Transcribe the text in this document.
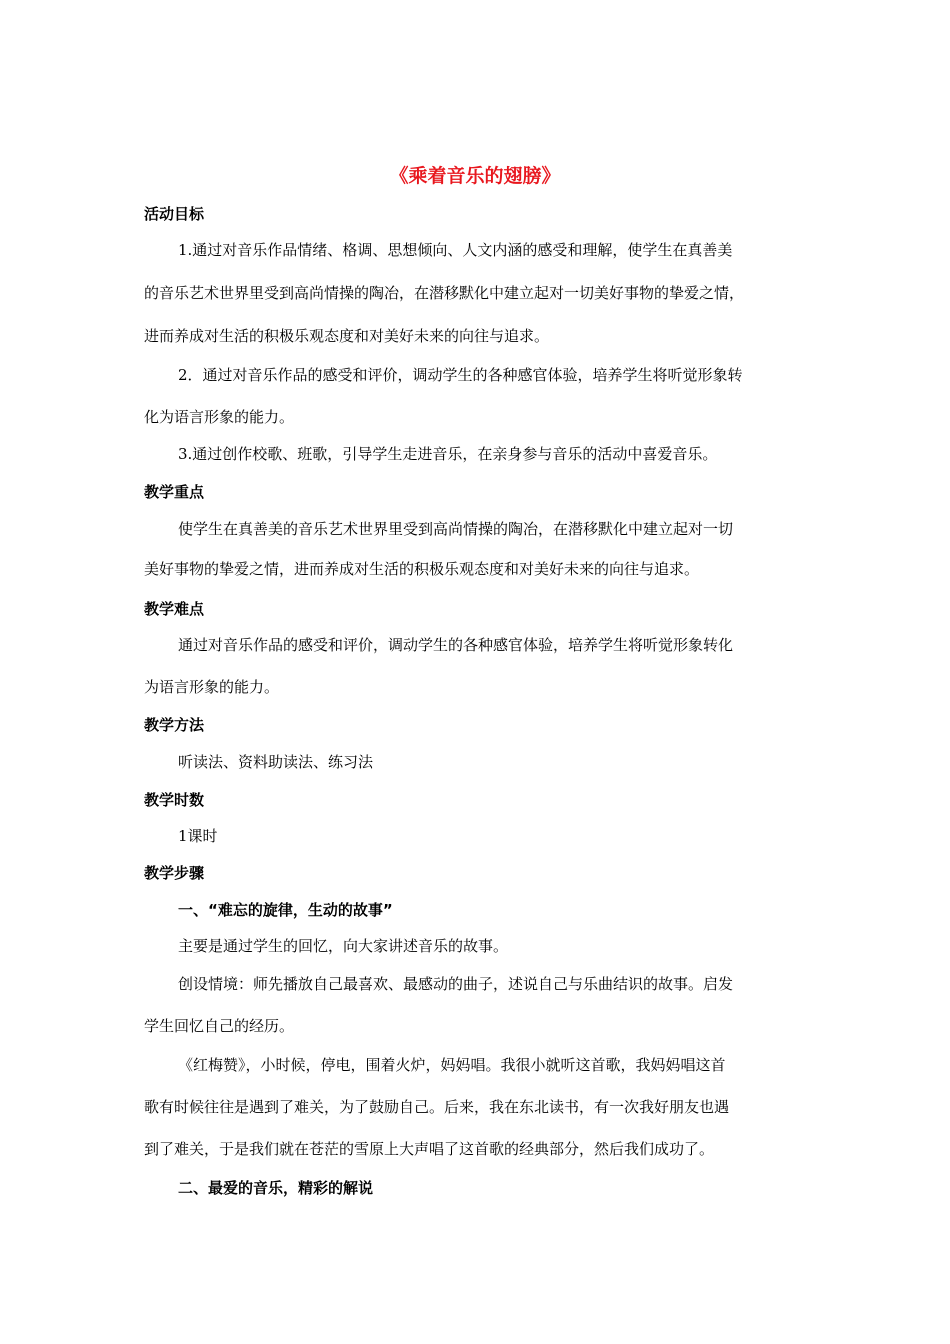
《乘着音乐的翅膀》
活动目标
1.通过对音乐作品情绪、格调、思想倾向、人文内涵的感受和理解，使学生在真善美
的音乐艺术世界里受到高尚情操的陶冶，在潜移默化中建立起对一切美好事物的挚爱之情，
进而养成对生活的积极乐观态度和对美好未来的向往与追求。
2．通过对音乐作品的感受和评价，调动学生的各种感官体验，培养学生将听觉形象转
化为语言形象的能力。
3.通过创作校歌、班歌，引导学生走进音乐，在亲身参与音乐的活动中喜爱音乐。
教学重点
使学生在真善美的音乐艺术世界里受到高尚情操的陶冶，在潜移默化中建立起对一切
美好事物的挚爱之情，进而养成对生活的积极乐观态度和对美好未来的向往与追求。
教学难点
通过对音乐作品的感受和评价，调动学生的各种感官体验，培养学生将听觉形象转化
为语言形象的能力。
教学方法
听读法、资料助读法、练习法
教学时数
1课时
教学步骤
一、“难忘的旋律，生动的故事”
主要是通过学生的回忆，向大家讲述音乐的故事。
创设情境：师先播放自己最喜欢、最感动的曲子，述说自己与乐曲结识的故事。启发
学生回忆自己的经历。
《红梅赞》，小时候，停电，围着火炉，妈妈唱。我很小就听这首歌，我妈妈唱这首
歌有时候往往是遇到了难关，为了鼓励自己。后来，我在东北读书，有一次我好朋友也遇
到了难关，于是我们就在苍茫的雪原上大声唱了这首歌的经典部分，然后我们成功了。
二、最爱的音乐，精彩的解说
